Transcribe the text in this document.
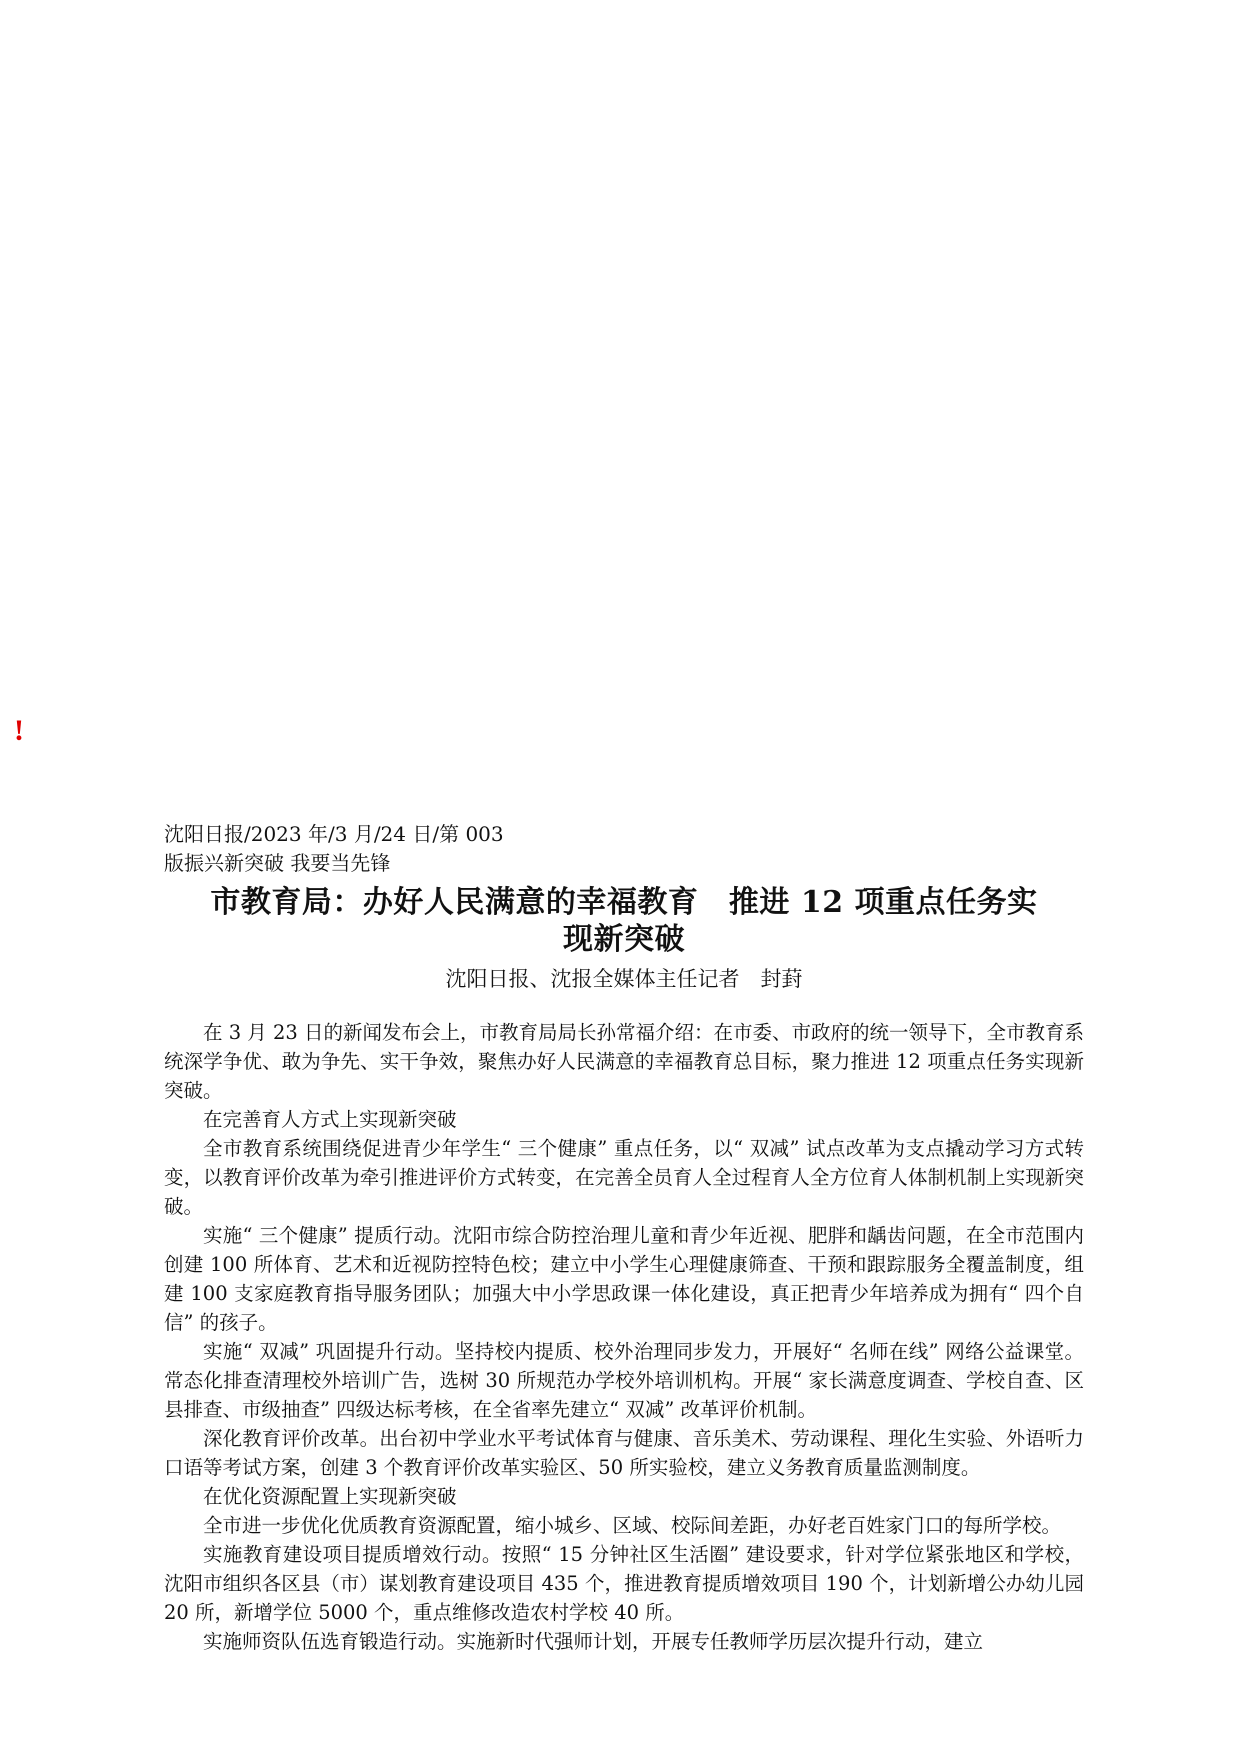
!

沈阳日报/2023 年/3 月/24 日/第 003

版振兴新突破 我要当先锋

市教育局：办好人民满意的幸福教育　推进 12 项重点任务实
现新突破

沈阳日报、沈报全媒体主任记者　封葑

在 3 月 23 日的新闻发布会上，市教育局局长孙常福介绍：在市委、市政府的统一领导下，全市教育系统深学争优、敢为争先、实干争效，聚焦办好人民满意的幸福教育总目标，聚力推进 12 项重点任务实现新突破。

在完善育人方式上实现新突破

全市教育系统围绕促进青少年学生“ 三个健康” 重点任务，以“ 双减” 试点改革为支点撬动学习方式转变，以教育评价改革为牵引推进评价方式转变，在完善全员育人全过程育人全方位育人体制机制上实现新突破。

实施“ 三个健康” 提质行动。沈阳市综合防控治理儿童和青少年近视、肥胖和龋齿问题，在全市范围内创建 100 所体育、艺术和近视防控特色校；建立中小学生心理健康筛查、干预和跟踪服务全覆盖制度，组建 100 支家庭教育指导服务团队；加强大中小学思政课一体化建设，真正把青少年培养成为拥有“ 四个自信” 的孩子。

实施“ 双减” 巩固提升行动。坚持校内提质、校外治理同步发力，开展好“ 名师在线” 网络公益课堂。常态化排查清理校外培训广告，选树 30 所规范办学校外培训机构。开展“ 家长满意度调查、学校自查、区县排查、市级抽查” 四级达标考核，在全省率先建立“ 双减” 改革评价机制。

深化教育评价改革。出台初中学业水平考试体育与健康、音乐美术、劳动课程、理化生实验、外语听力口语等考试方案，创建 3 个教育评价改革实验区、50 所实验校，建立义务教育质量监测制度。

在优化资源配置上实现新突破

全市进一步优化优质教育资源配置，缩小城乡、区域、校际间差距，办好老百姓家门口的每所学校。

实施教育建设项目提质增效行动。按照“ 15 分钟社区生活圈” 建设要求，针对学位紧张地区和学校，沈阳市组织各区县（市）谋划教育建设项目 435 个，推进教育提质增效项目 190 个，计划新增公办幼儿园 20 所，新增学位 5000 个，重点维修改造农村学校 40 所。

实施师资队伍选育锻造行动。实施新时代强师计划，开展专任教师学历层次提升行动，建立
